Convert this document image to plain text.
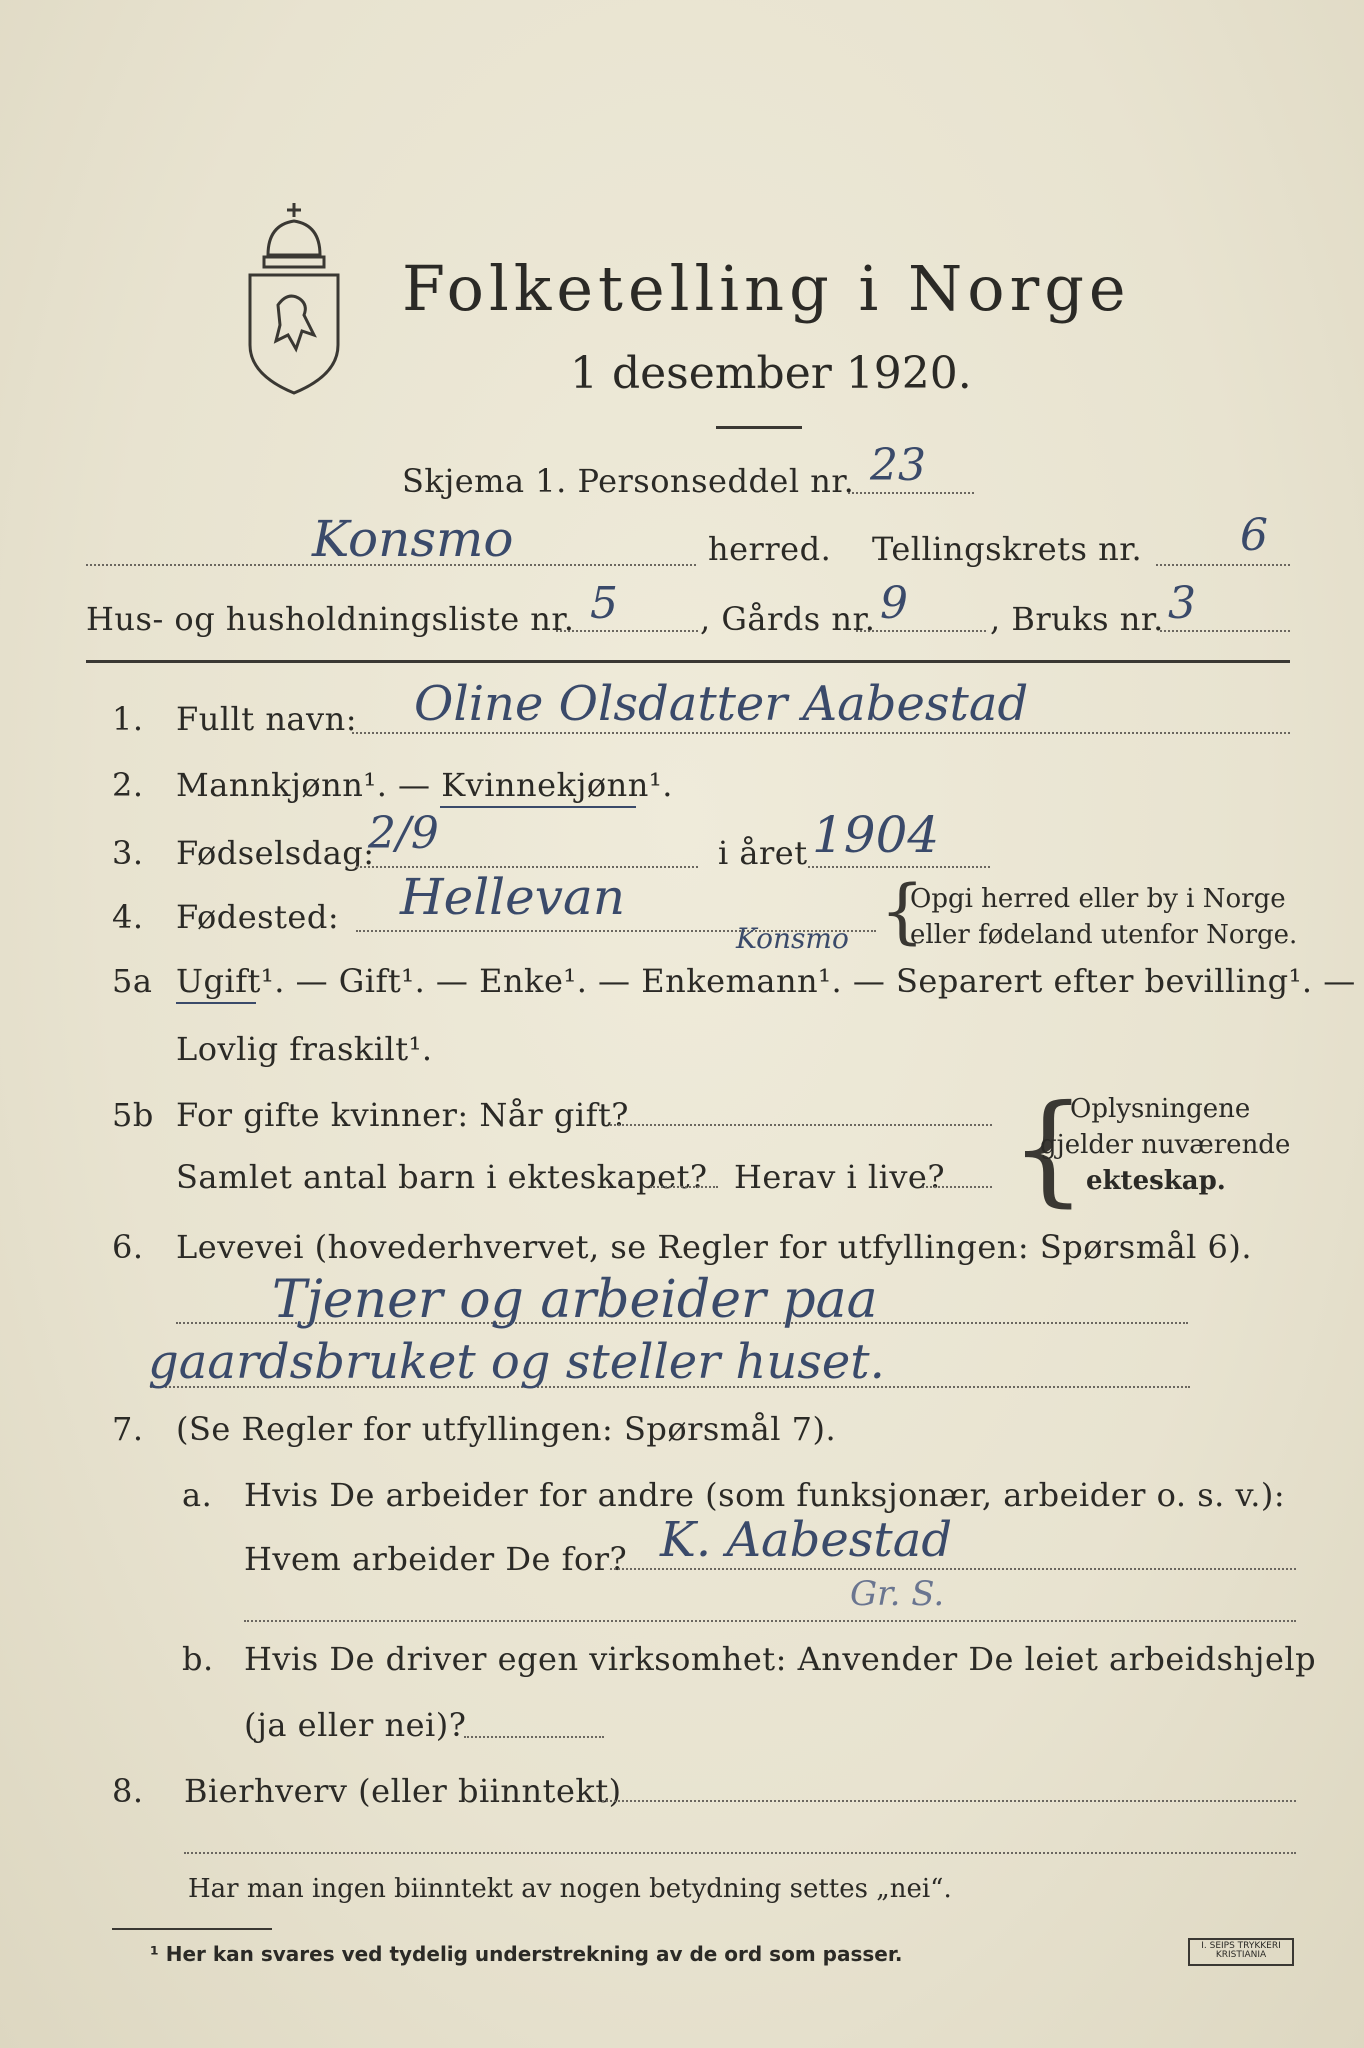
Folketelling i Norge
1 desember 1920.
Skjema 1. Personseddel nr. 23
Konsmo	herred. Tellingskrets nr. 6
Hus- og husholdningsliste nr. 5	, Gårds nr. 9	, Bruks nr. 3
1. Fullt navn: Oline Olsdatter Aabestad
2. Mannkjønn¹. — Kvinnekjønn¹.
3. Fødselsdag:
2/9	i året 1904
4. Fødested: Hellevan
Konsmo {
Opgi herred eller by i Norge
eller fødeland utenfor Norge.
5a Ugift¹. — Gift¹. — Enke¹. — Enkemann¹. — Separert efter bevilling¹. —
Lovlig fraskilt¹.
5b For gifte kvinner: Når gift?
Samlet antal barn i ekteskapet? Herav i live? {
Oplysningene
gjelder nuværende
ekteskap.
6. Levevei (hovederhvervet, se Regler for utfyllingen: Spørsmål 6).
Tjener og arbeider paa
gaardsbruket og steller huset.
7. (Se Regler for utfyllingen: Spørsmål 7).
a. Hvis De arbeider for andre (som funksjonær, arbeider o. s. v.):
Hvem arbeider De for? K. Aabestad
Gr. S.
b. Hvis De driver egen virksomhet: Anvender De leiet arbeidshjelp
(ja eller nei)?
8. Bierhverv (eller biinntekt)
Har man ingen biinntekt av nogen betydning settes „nei“.
¹ Her kan svares ved tydelig understrekning av de ord som passer.	I. SEIPS TRYKKERI KRISTIANIA
